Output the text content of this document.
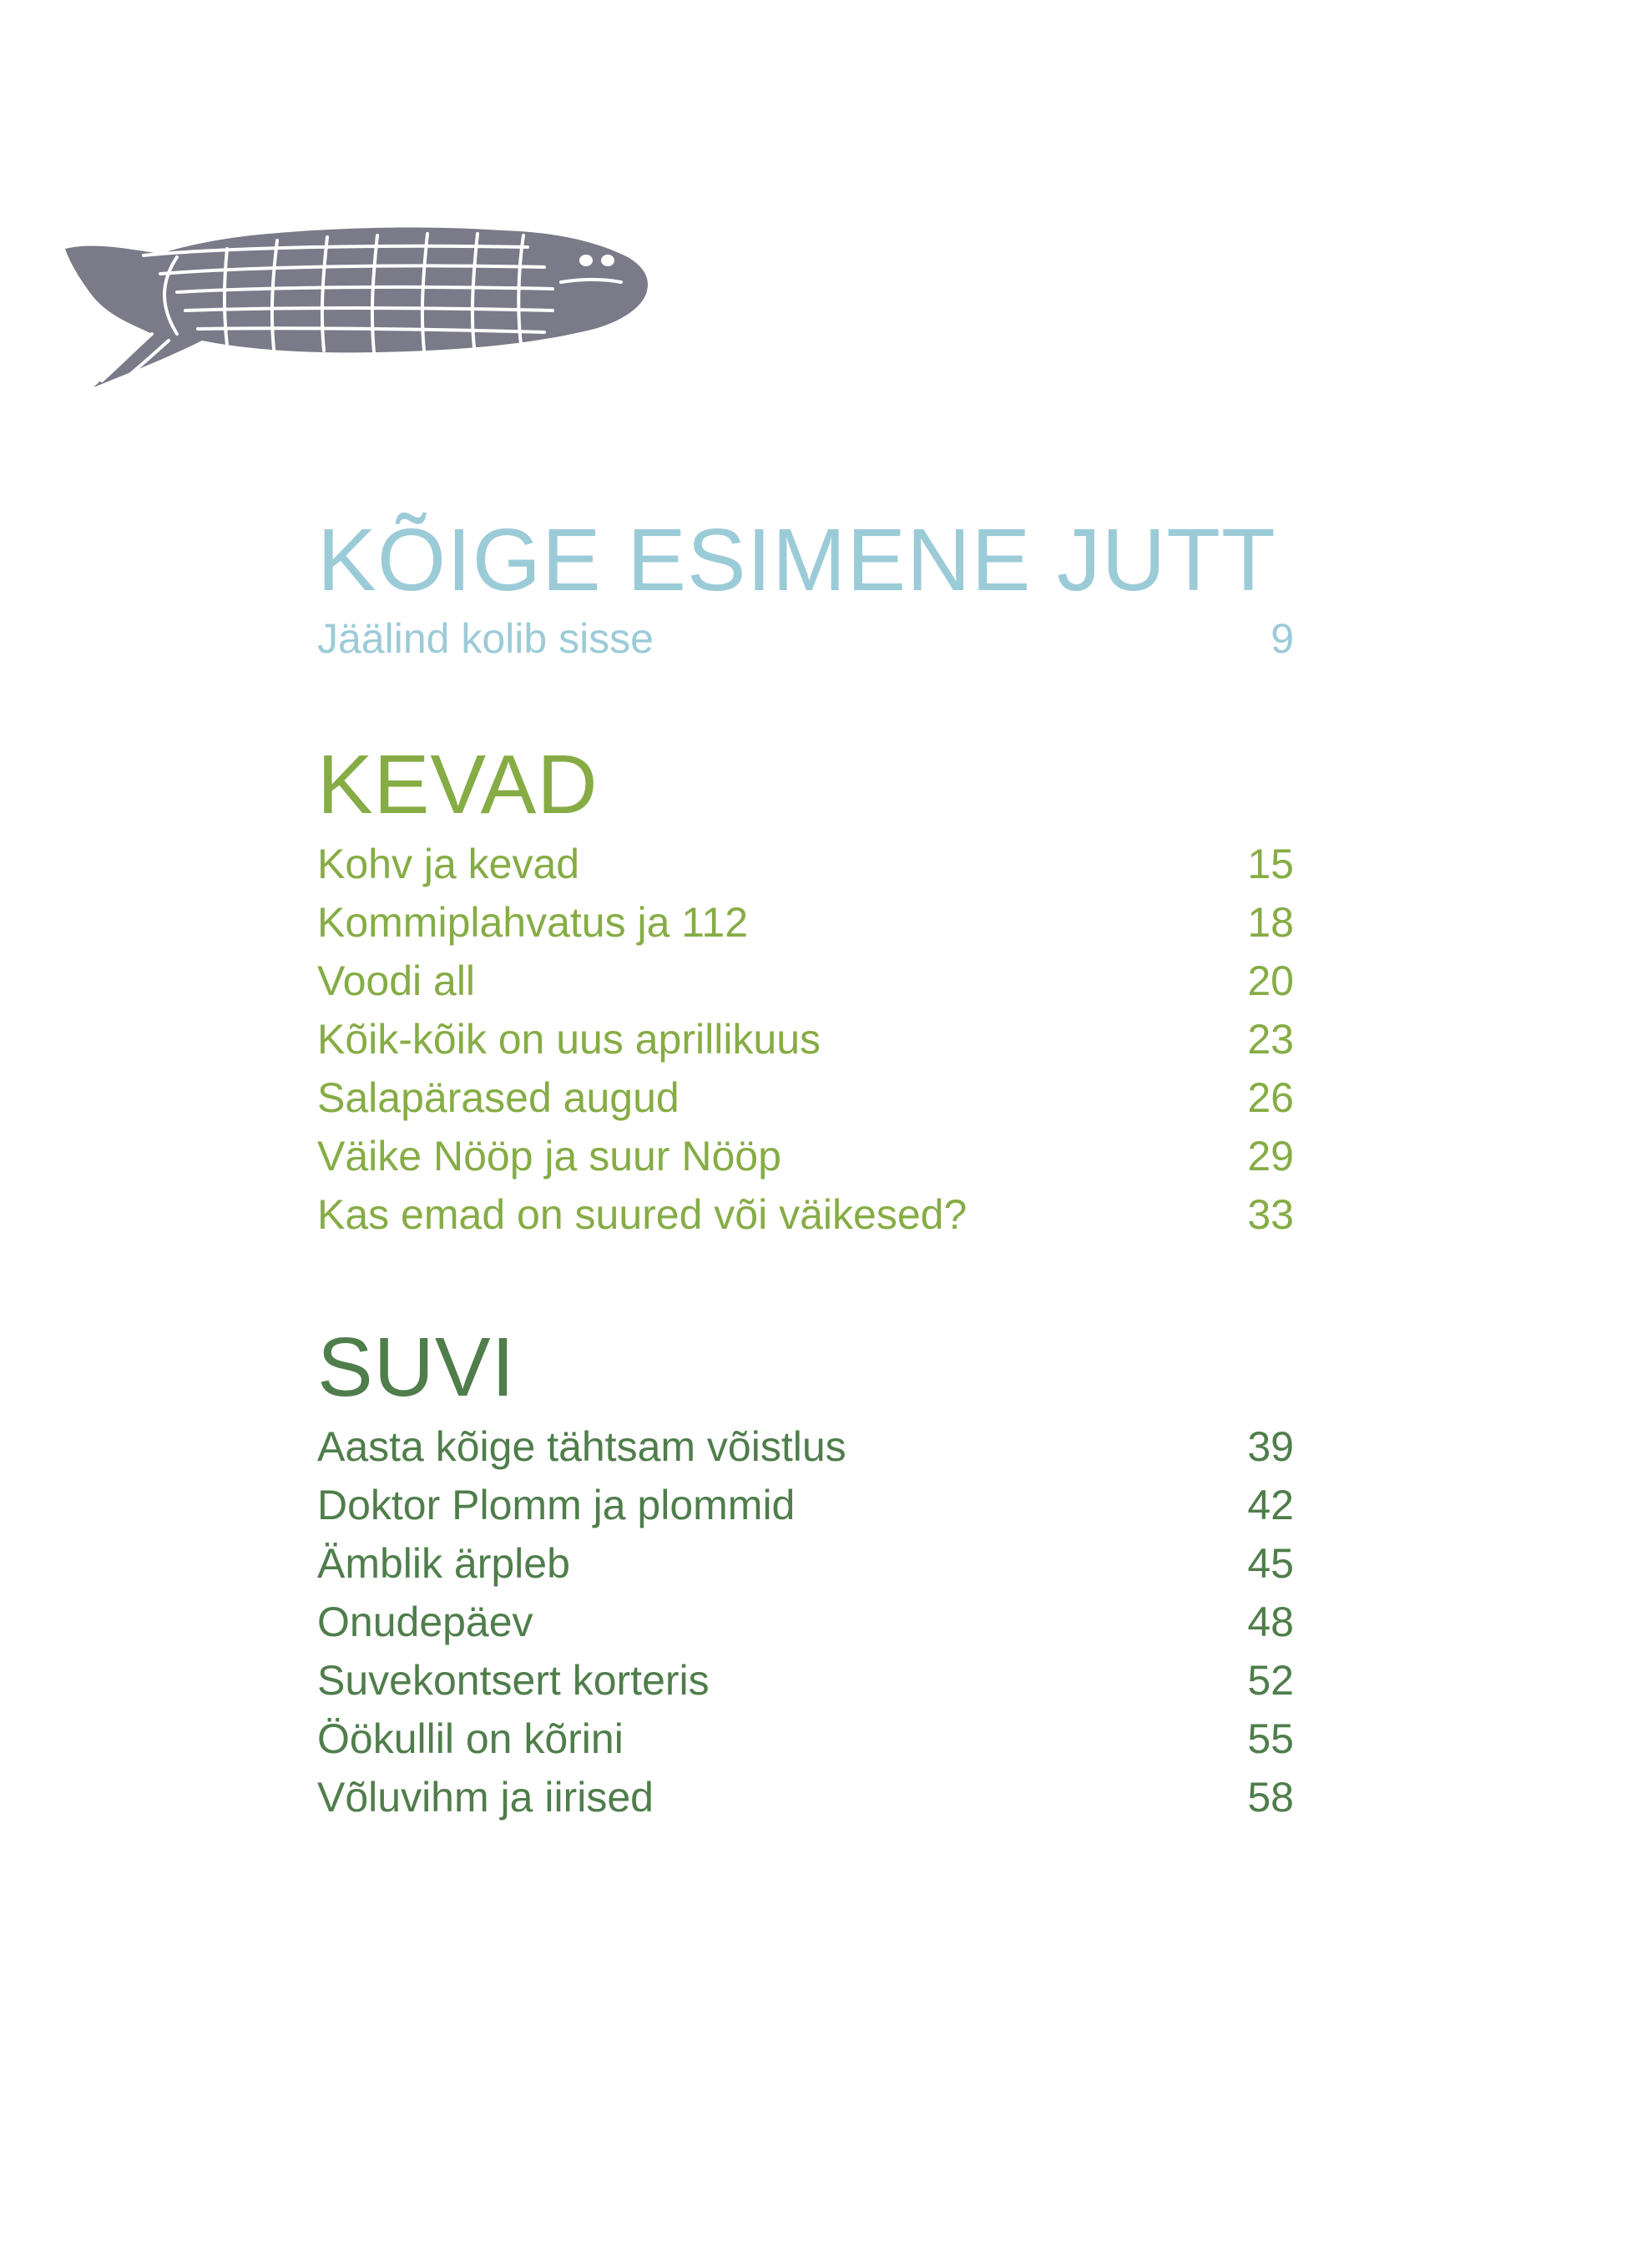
KÕIGE ESIMENE JUTT
Jäälind kolib sisse	9
KEVAD
Kohv ja kevad	15
Kommiplahvatus ja 112	18
Voodi all	20
Kõik-kõik on uus aprillikuus	23
Salapärased augud	26
Väike Nööp ja suur Nööp	29
Kas emad on suured või väikesed?	33
SUVI
Aasta kõige tähtsam võistlus	39
Doktor Plomm ja plommid	42
Ämblik ärpleb	45
Onudepäev	48
Suvekontsert korteris	52
Öökullil on kõrini	55
Võluvihm ja iirised	58
